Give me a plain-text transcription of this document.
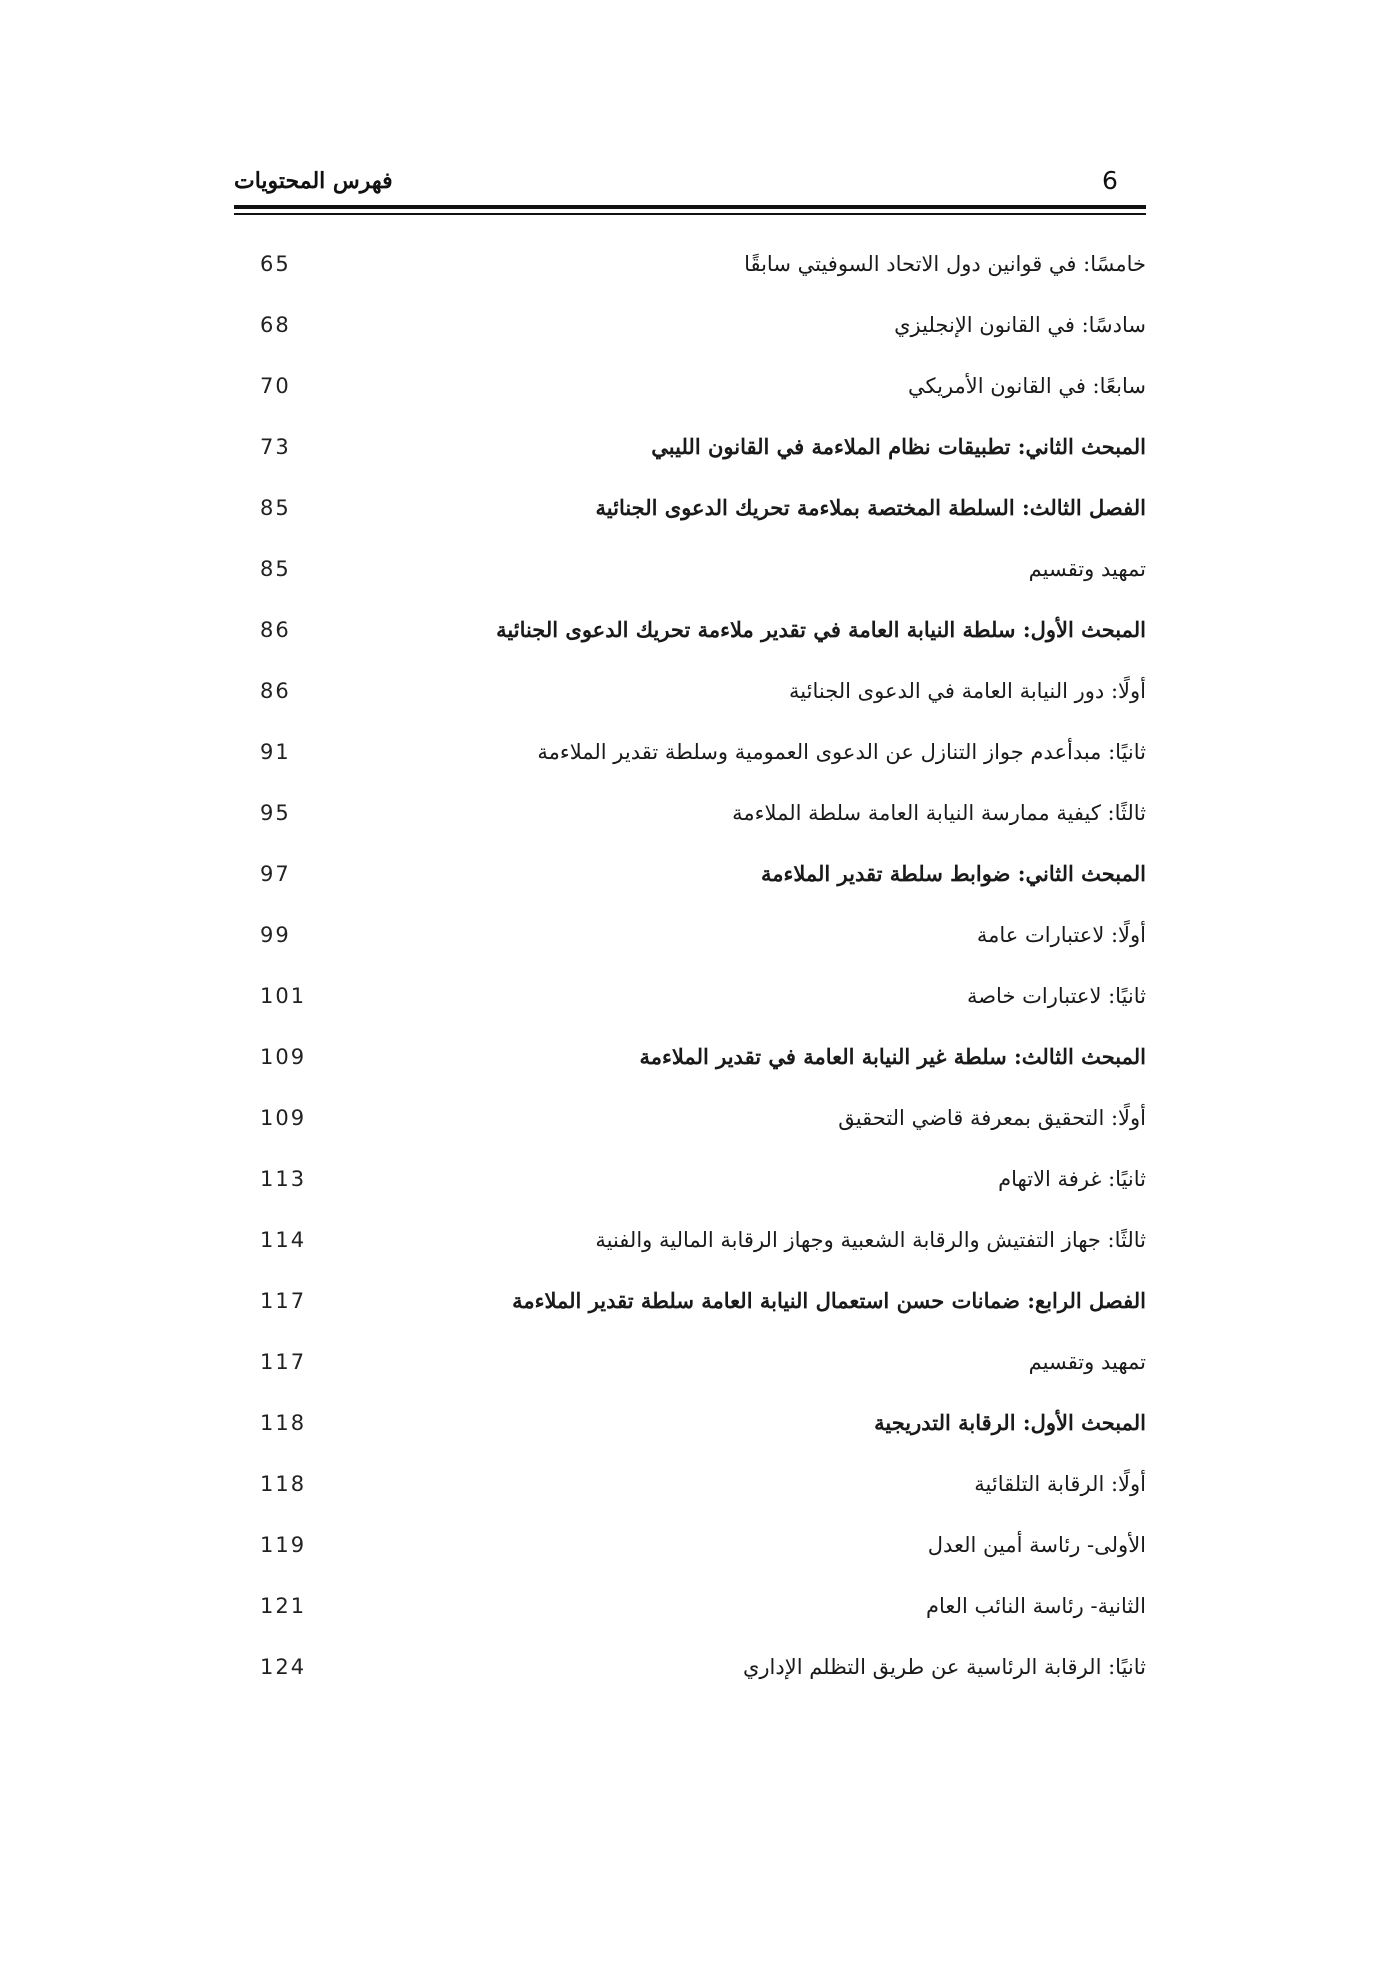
6
فهرس المحتويات
خامسًا: في قوانين دول الاتحاد السوفيتي سابقًا
65
سادسًا: في القانون الإنجليزي
68
سابعًا: في القانون الأمريكي
70
المبحث الثاني: تطبيقات نظام الملاءمة في القانون الليبي
73
الفصل الثالث: السلطة المختصة بملاءمة تحريك الدعوى الجنائية
85
تمهيد وتقسيم
85
المبحث الأول: سلطة النيابة العامة في تقدير ملاءمة تحريك الدعوى الجنائية
86
أولًا: دور النيابة العامة في الدعوى الجنائية
86
ثانيًا: مبدأعدم جواز التنازل عن الدعوى العمومية وسلطة تقدير الملاءمة
91
ثالثًا: كيفية ممارسة النيابة العامة سلطة الملاءمة
95
المبحث الثاني: ضوابط سلطة تقدير الملاءمة
97
أولًا: لاعتبارات عامة
99
ثانيًا: لاعتبارات خاصة
101
المبحث الثالث: سلطة غير النيابة العامة في تقدير الملاءمة
109
أولًا: التحقيق بمعرفة قاضي التحقيق
109
ثانيًا: غرفة الاتهام
113
ثالثًا: جهاز التفتيش والرقابة الشعبية وجهاز الرقابة المالية والفنية
114
الفصل الرابع: ضمانات حسن استعمال النيابة العامة سلطة تقدير الملاءمة
117
تمهيد وتقسيم
117
المبحث الأول: الرقابة التدريجية
118
أولًا: الرقابة التلقائية
118
الأولى- رئاسة أمين العدل
119
الثانية- رئاسة النائب العام
121
ثانيًا: الرقابة الرئاسية عن طريق التظلم الإداري
124
